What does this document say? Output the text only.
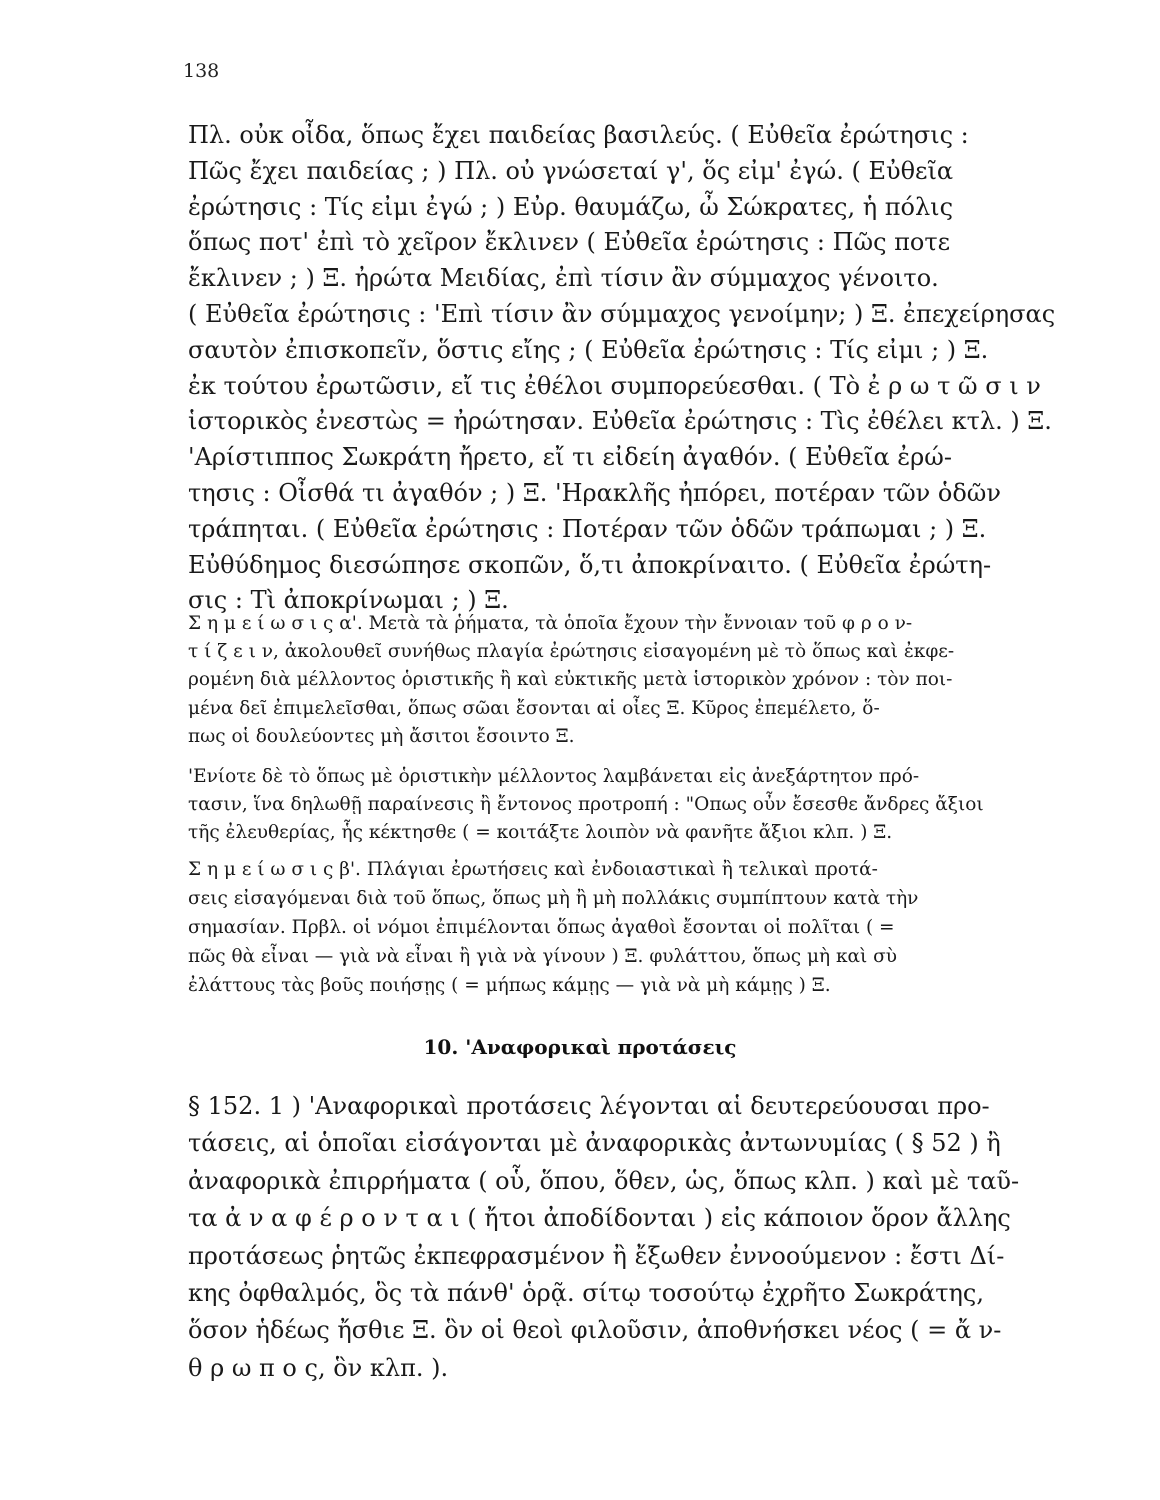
138
Πλ. οὐκ οἶδα, ὅπως ἔχει παιδείας βασιλεύς. ( Εὐθεῖα ἐρώτησις :
Πῶς ἔχει παιδείας ; ) Πλ. οὐ γνώσεταί γ', ὅς εἰμ' ἐγώ. ( Εὐθεῖα
ἐρώτησις : Τίς εἰμι ἐγώ ; ) Εὐρ. θαυμάζω, ὦ Σώκρατες, ἡ πόλις
ὅπως ποτ' ἐπὶ τὸ χεῖρον ἔκλινεν ( Εὐθεῖα ἐρώτησις : Πῶς ποτε
ἔκλινεν ; ) Ξ. ἠρώτα Μειδίας, ἐπὶ τίσιν ἂν σύμμαχος γένοιτο.
( Εὐθεῖα ἐρώτησις : 'Επὶ τίσιν ἂν σύμμαχος γενοίμην; ) Ξ. ἐπεχείρησας
σαυτὸν ἐπισκοπεῖν, ὅστις εἴης ; ( Εὐθεῖα ἐρώτησις : Τίς εἰμι ; ) Ξ.
ἐκ τούτου ἐρωτῶσιν, εἴ τις ἐθέλοι συμπορεύεσθαι. ( Τὸ ἐ ρ ω τ ῶ σ ι ν
ἱστορικὸς ἐνεστὼς = ἠρώτησαν. Εὐθεῖα ἐρώτησις : Τὶς ἐθέλει κτλ. ) Ξ.
'Αρίστιππος Σωκράτη ἤρετο, εἴ τι εἰδείη ἀγαθόν. ( Εὐθεῖα ἐρώ-
τησις : Οἶσθά τι ἀγαθόν ; ) Ξ. 'Ηρακλῆς ἠπόρει, ποτέραν τῶν ὁδῶν
τράπηται. ( Εὐθεῖα ἐρώτησις : Ποτέραν τῶν ὁδῶν τράπωμαι ; ) Ξ.
Εὐθύδημος διεσώπησε σκοπῶν, ὅ,τι ἀποκρίναιτο. ( Εὐθεῖα ἐρώτη-
σις : Τὶ ἀποκρίνωμαι ; ) Ξ.
Σ η μ ε ί ω σ ι ς α'. Μετὰ τὰ ῥήματα, τὰ ὁποῖα ἔχουν τὴν ἔννοιαν τοῦ φ ρ ο ν-
τ ί ζ ε ι ν, ἀκολουθεῖ συνήθως πλαγία ἐρώτησις εἰσαγομένη μὲ τὸ ὅπως καὶ ἐκφε-
ρομένη διὰ μέλλοντος ὁριστικῆς ἢ καὶ εὐκτικῆς μετὰ ἱστορικὸν χρόνον : τὸν ποι-
μένα δεῖ ἐπιμελεῖσθαι, ὅπως σῶαι ἔσονται αἱ οἶες Ξ. Κῦρος ἐπεμέλετο, ὅ-
πως οἱ δουλεύοντες μὴ ἄσιτοι ἔσοιντο Ξ.
'Ενίοτε δὲ τὸ ὅπως μὲ ὁριστικὴν μέλλοντος λαμβάνεται εἰς ἀνεξάρτητον πρό-
τασιν, ἵνα δηλωθῇ παραίνεσις ἢ ἔντονος προτροπή : "Οπως οὖν ἔσεσθε ἄνδρες ἄξιοι
τῆς ἐλευθερίας, ἧς κέκτησθε ( = κοιτάξτε λοιπὸν νὰ φανῆτε ἄξιοι κλπ. ) Ξ.
Σ η μ ε ί ω σ ι ς β'. Πλάγιαι ἐρωτήσεις καὶ ἐνδοιαστικαὶ ἢ τελικαὶ προτά-
σεις εἰσαγόμεναι διὰ τοῦ ὅπως, ὅπως μὴ ἢ μὴ πολλάκις συμπίπτουν κατὰ τὴν
σημασίαν. Πρβλ. οἱ νόμοι ἐπιμέλονται ὅπως ἀγαθοὶ ἔσονται οἱ πολῖται ( =
πῶς θὰ εἶναι — γιὰ νὰ εἶναι ἢ γιὰ νὰ γίνουν ) Ξ. φυλάττου, ὅπως μὴ καὶ σὺ
ἐλάττους τὰς βοῦς ποιήσῃς ( = μήπως κάμῃς — γιὰ νὰ μὴ κάμῃς ) Ξ.
10. 'Αναφορικαὶ προτάσεις
§ 152. 1 ) 'Αναφορικαὶ προτάσεις λέγονται αἱ δευτερεύουσαι προ-
τάσεις, αἱ ὁποῖαι εἰσάγονται μὲ ἀναφορικὰς ἀντωνυμίας ( § 52 ) ἢ
ἀναφορικὰ ἐπιρρήματα ( οὗ, ὅπου, ὅθεν, ὡς, ὅπως κλπ. ) καὶ μὲ ταῦ-
τα ἀ ν α φ έ ρ ο ν τ α ι ( ἤτοι ἀποδίδονται ) εἰς κάποιον ὅρον ἄλλης
προτάσεως ῥητῶς ἐκπεφρασμένον ἢ ἔξωθεν ἐννοούμενον : ἔστι Δί-
κης ὀφθαλμός, ὃς τὰ πάνθ' ὁρᾷ. σίτῳ τοσούτῳ ἐχρῆτο Σωκράτης,
ὅσον ἡδέως ἤσθιε Ξ. ὃν οἱ θεοὶ φιλοῦσιν, ἀποθνήσκει νέος ( = ἄ ν-
θ ρ ω π ο ς, ὃν κλπ. ).
